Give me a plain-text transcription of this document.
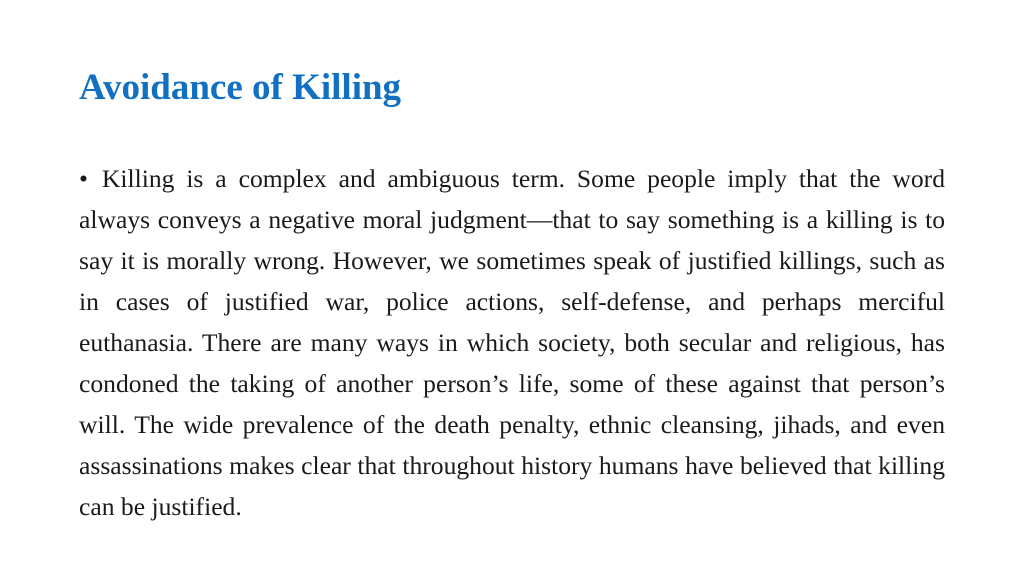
Avoidance of Killing

• Killing is a complex and ambiguous term. Some people imply that the word always conveys a negative moral judgment—that to say something is a killing is to say it is morally wrong. However, we sometimes speak of justified killings, such as in cases of justified war, police actions, self-defense, and perhaps merciful euthanasia. There are many ways in which society, both secular and religious, has condoned the taking of another person’s life, some of these against that person’s will. The wide prevalence of the death penalty, ethnic cleansing, jihads, and even assassinations makes clear that throughout history humans have believed that killing can be justified.
